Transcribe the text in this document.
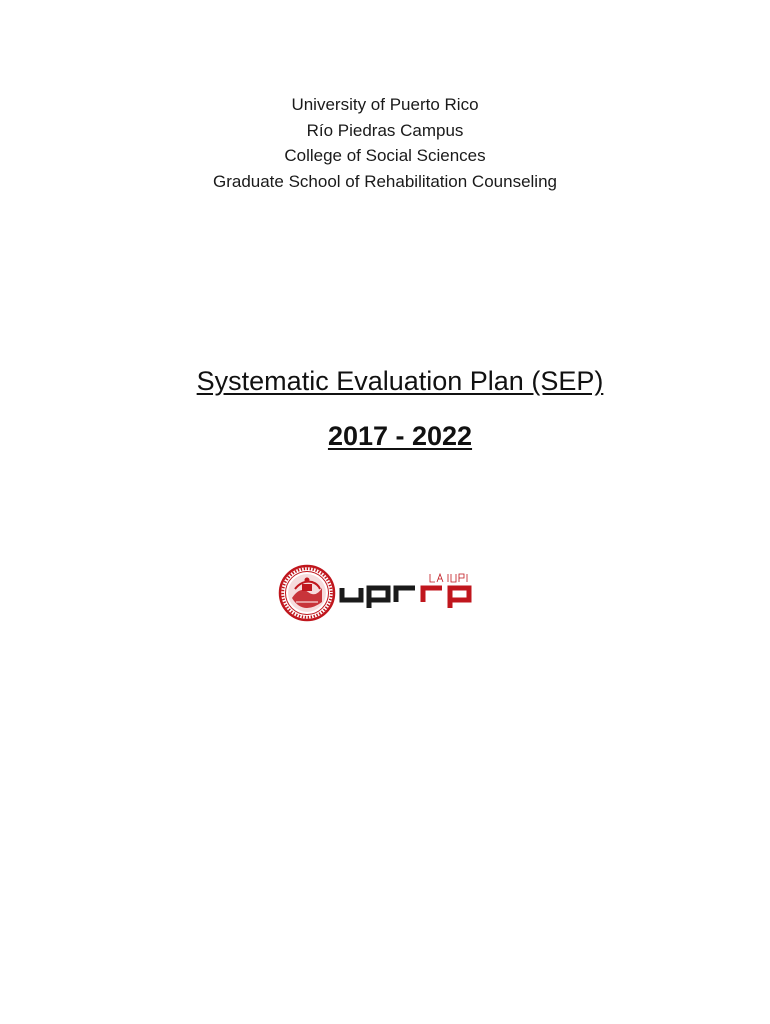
University of Puerto Rico
Río Piedras Campus
College of Social Sciences
Graduate School of Rehabilitation Counseling
Systematic Evaluation Plan (SEP)
2017 - 2022
